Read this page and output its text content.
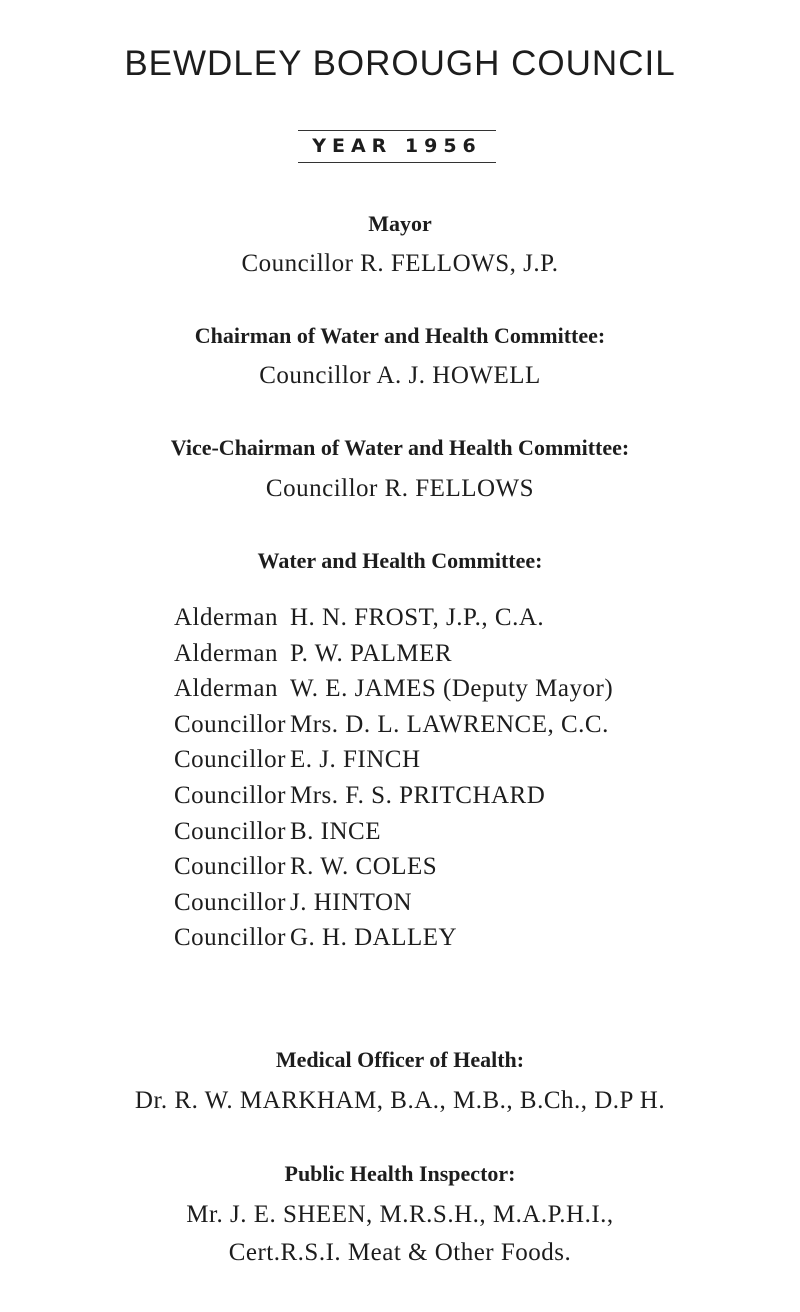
BEWDLEY BOROUGH COUNCIL
YEAR 1956
Mayor
Councillor R. FELLOWS, J.P.
Chairman of Water and Health Committee:
Councillor A. J. HOWELL
Vice-Chairman of Water and Health Committee:
Councillor R. FELLOWS
Water and Health Committee:
Alderman H. N. FROST, J.P., C.A.
Alderman P. W. PALMER
Alderman W. E. JAMES (Deputy Mayor)
Councillor Mrs. D. L. LAWRENCE, C.C.
Councillor E. J. FINCH
Councillor Mrs. F. S. PRITCHARD
Councillor B. INCE
Councillor R. W. COLES
Councillor J. HINTON
Councillor G. H. DALLEY
Medical Officer of Health:
Dr. R. W. MARKHAM, B.A., M.B., B.Ch., D.P H.
Public Health Inspector:
Mr. J. E. SHEEN, M.R.S.H., M.A.P.H.I.,
Cert.R.S.I. Meat & Other Foods.
